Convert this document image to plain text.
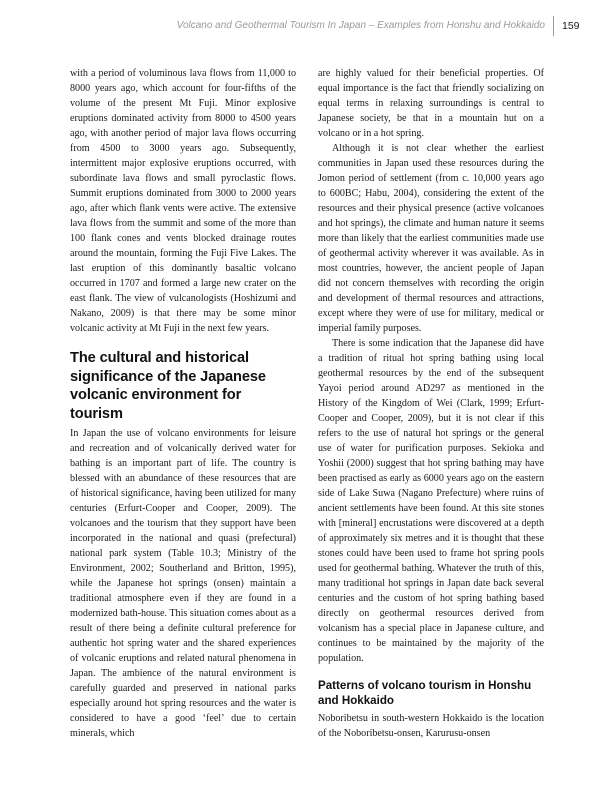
Volcano and Geothermal Tourism In Japan – Examples from Honshu and Hokkaido 159

with a period of voluminous lava flows from 11,000 to 8000 years ago, which account for four-fifths of the volume of the present Mt Fuji. Minor explosive eruptions dominated activity from 8000 to 4500 years ago, with another period of major lava flows occurring from 4500 to 3000 years ago. Subsequently, intermittent major explosive eruptions occurred, with subordinate lava flows and small pyroclastic flows. Summit eruptions dominated from 3000 to 2000 years ago, after which flank vents were active. The extensive lava flows from the summit and some of the more than 100 flank cones and vents blocked drainage routes around the mountain, forming the Fuji Five Lakes. The last eruption of this dominantly basaltic volcano occurred in 1707 and formed a large new crater on the east flank. The view of vulcanologists (Hoshizumi and Nakano, 2009) is that there may be some minor volcanic activity at Mt Fuji in the next few years.

The cultural and historical significance of the Japanese volcanic environment for tourism

In Japan the use of volcano environments for leisure and recreation and of volcanically derived water for bathing is an important part of life. The country is blessed with an abundance of these resources that are of historical significance, having been utilized for many centuries (Erfurt-Cooper and Cooper, 2009). The volcanoes and the tourism that they support have been incorporated in the national and quasi (prefectural) national park system (Table 10.3; Ministry of the Environment, 2002; Southerland and Britton, 1995), while the Japanese hot springs (onsen) maintain a traditional atmosphere even if they are found in a modernized bath-house. This situation comes about as a result of there being a definite cultural preference for authentic hot spring water and the shared experiences of volcanic eruptions and related natural phenomena in Japan. The ambience of the natural environment is carefully guarded and preserved in national parks especially around hot spring resources and the water is considered to have a good ‘feel’ due to certain minerals, which

are highly valued for their beneficial properties. Of equal importance is the fact that friendly socializing on equal terms in relaxing surroundings is central to Japanese society, be that in a mountain hut on a volcano or in a hot spring.

Although it is not clear whether the earliest communities in Japan used these resources during the Jomon period of settlement (from c. 10,000 years ago to 600BC; Habu, 2004), considering the extent of the resources and their physical presence (active volcanoes and hot springs), the climate and human nature it seems more than likely that the earliest communities made use of geothermal activity wherever it was available. As in most countries, however, the ancient people of Japan did not concern themselves with recording the origin and development of thermal resources and attractions, except where they were of use for military, medical or imperial family purposes.

There is some indication that the Japanese did have a tradition of ritual hot spring bathing using local geothermal resources by the end of the subsequent Yayoi period around AD297 as mentioned in the History of the Kingdom of Wei (Clark, 1999; Erfurt-Cooper and Cooper, 2009), but it is not clear if this refers to the use of natural hot springs or the general use of water for purification purposes. Sekioka and Yoshii (2000) suggest that hot spring bathing may have been practised as early as 6000 years ago on the eastern side of Lake Suwa (Nagano Prefecture) where ruins of ancient settlements have been found. At this site stones with [mineral] encrustations were discovered at a depth of approximately six metres and it is thought that these stones could have been used to frame hot spring pools used for geothermal bathing. Whatever the truth of this, many traditional hot springs in Japan date back several centuries and the custom of hot spring bathing based directly on geothermal resources derived from volcanism has a special place in Japanese culture, and continues to be maintained by the majority of the population.

Patterns of volcano tourism in Honshu and Hokkaido

Noboribetsu in south-western Hokkaido is the location of the Noboribetsu-onsen, Karurusu-onsen
